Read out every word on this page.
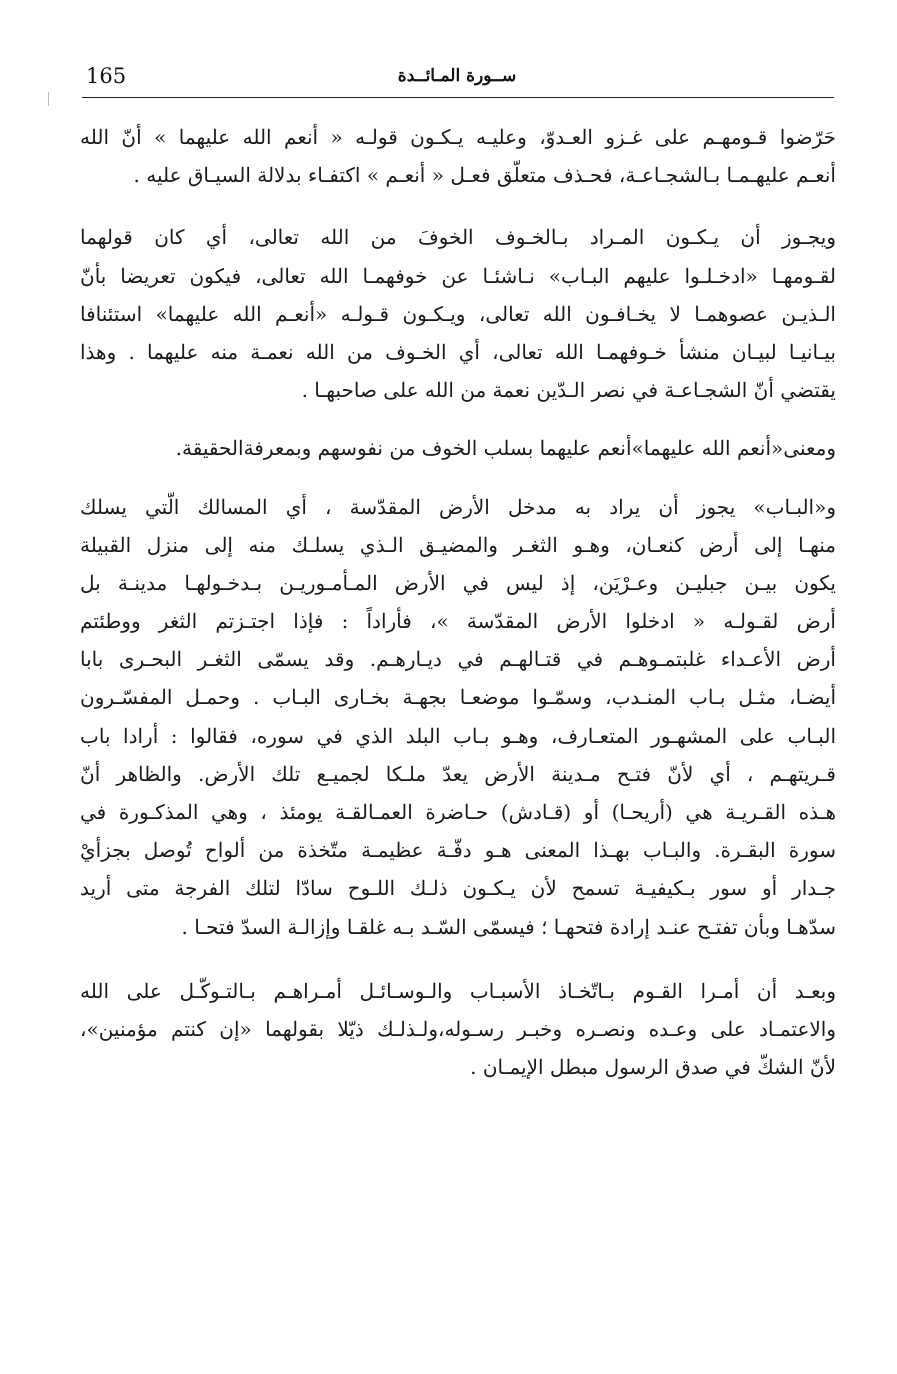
165	ســورة المـائــدة

حَرّضوا قـومهـم على غـزو العـدوّ، وعليـه يـكـون قولـه « أنعم الله عليهما » أنّ الله
أنعـم عليهـمـا بـالشجـاعـة، فحـذف متعلّق فعـل « أنعـم » اكتفـاء بدلالة السيـاق عليه .

ويجـوز أن يـكـون المـراد بـالخـوف الخوفَ من الله تعالى، أي كان قولهما
لقـومهـا «ادخـلـوا عليهم البـاب» نـاشئـا عن خوفهمـا الله تعالى، فيكون تعريضا بأنّ
الـذيـن عصوهمـا لا يخـافـون الله تعالى، ويـكـون قـولـه «أنعـم الله عليهما» استئنافا
بيـانيـا لبيـان منشأ خـوفهمـا الله تعالى، أي الخـوف من الله نعمـة منه عليهما . وهذا
يقتضي أنّ الشجـاعـة في نصر الـدّين نعمة من الله على صاحبهـا .

ومعنى«أنعم الله عليهما»أنعم عليهما بسلب الخوف من نفوسهم وبمعرفةالحقيقة.

و«البـاب» يجوز أن يراد به مدخل الأرض المقدّسة ، أي المسالك الّتي يسلك
منهـا إلى أرض كنعـان، وهـو الثغـر والمضيـق الـذي يسلـك منه إلى منزل القبيلة
يكون بيـن جبليـن وعـرْيَن، إذ ليس في الأرض المـأمـوريـن بـدخـولهـا مدينـة بل
أرض لقـولـه « ادخلوا الأرض المقدّسة »، فأراداً : فإذا اجتـزتم الثغر ووطئتم
أرض الأعـداء غلبتمـوهـم في قتـالهـم في ديـارهـم. وقد يسمّى الثغـر البحـرى بابا
أيضـا، مثـل بـاب المنـدب، وسمّـوا موضعـا بجهـة بخـارى البـاب . وحمـل المفسّـرون
البـاب على المشهـور المتعـارف، وهـو بـاب البلد الذي في سوره، فقالوا : أرادا باب
قـريتهـم ، أي لأنّ فتـح مـدينة الأرض يعدّ ملـكا لجميـع تلك الأرض. والظاهر أنّ
هـذه القـريـة هي (أريحـا) أو (قـادش) حـاضرة العمـالقـة يومئذ ، وهي المذكـورة في
سورة البقـرة. والبـاب بهـذا المعنى هـو دفّـة عظيمـة متّخذة من ألواح تُوصل بجزأيْ
جـدار أو سور بـكيفيـة تسمح لأن يـكـون ذلـك اللـوح سادّا لتلك الفرجة متى أريد
سدّهـا وبأن تفتـح عنـد إرادة فتحهـا ؛ فيسمّى السّـد بـه غلقـا وإزالـة السدّ فتحـا .

وبعـد أن أمـرا القـوم بـاتّخـاذ الأسبـاب والـوسـائـل أمـراهـم بـالتـوكّـل على الله
والاعتمـاد على وعـده ونصـره وخبـر رسـوله،ولـذلـك ذيّلا بقولهما «إن كنتم مؤمنين»،
لأنّ الشكّ في صدق الرسول مبطل الإيمـان .
